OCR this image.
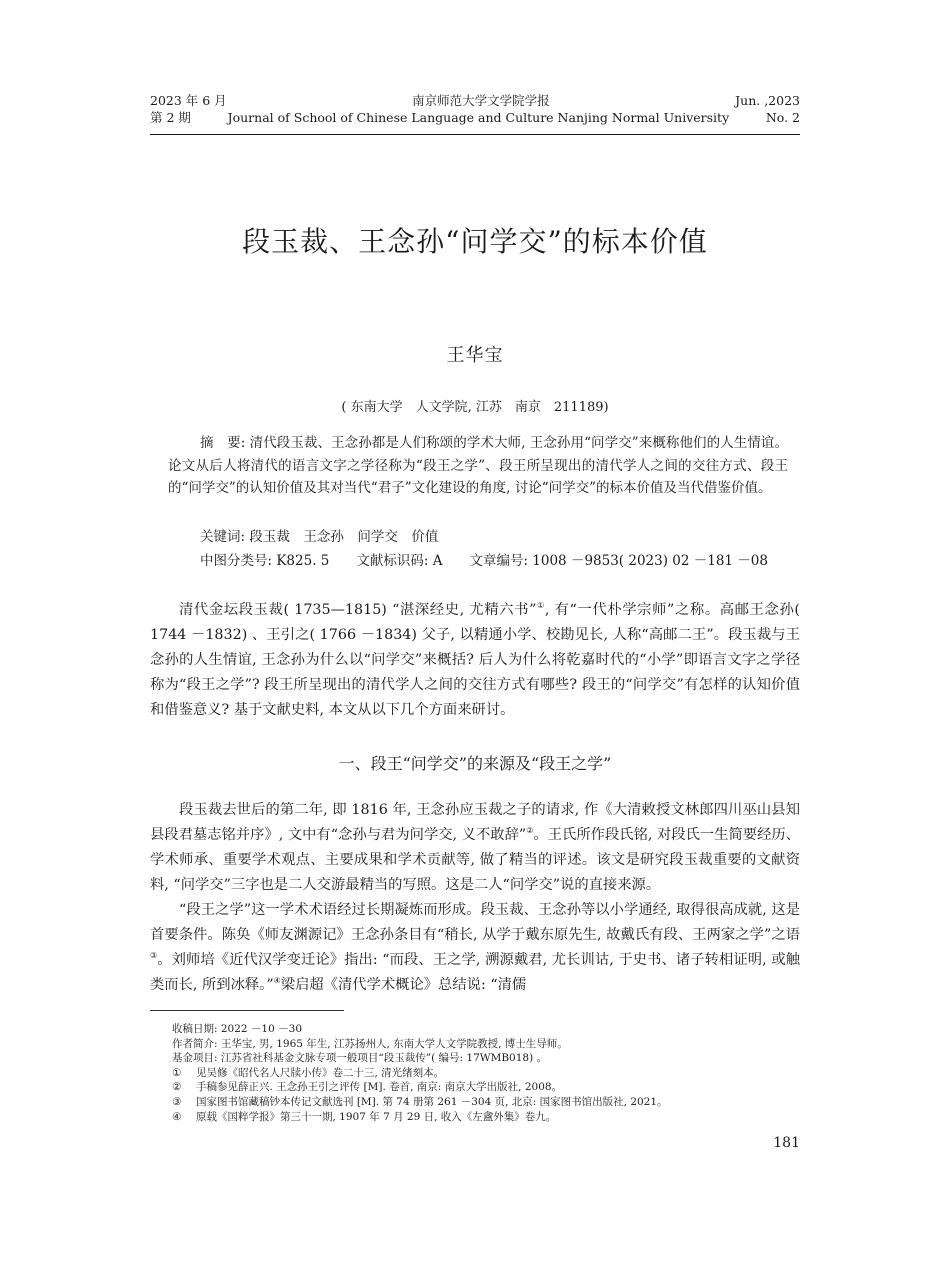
2023 年 6 月	南京师范大学文学院学报	Jun. ,2023
第 2 期	Journal of School of Chinese Language and Culture Nanjing Normal University	No. 2
段玉裁、王念孙“问学交”的标本价值
王华宝
( 东南大学　人文学院, 江苏　南京　211189)

摘　要: 清代段玉裁、王念孙都是人们称颂的学术大师, 王念孙用“问学交”来概称他们的人生情谊。论文从后人将清代的语言文字之学径称为“段王之学”、段王所呈现出的清代学人之间的交往方式、段王的“问学交”的认知价值及其对当代“君子”文化建设的角度, 讨论“问学交”的标本价值及当代借鉴价值。

关键词: 段玉裁　王念孙　问学交　价值
中图分类号: K825. 5　　文献标识码: A　　文章编号: 1008 －9853( 2023) 02 －181 －08

清代金坛段玉裁( 1735—1815) “湛深经史, 尤精六书”①, 有“一代朴学宗师”之称。高邮王念孙( 1744 －1832) 、王引之( 1766 －1834) 父子, 以精通小学、校勘见长, 人称“高邮二王”。段玉裁与王念孙的人生情谊, 王念孙为什么以“问学交”来概括? 后人为什么将乾嘉时代的“小学”即语言文字之学径称为“段王之学”? 段王所呈现出的清代学人之间的交往方式有哪些? 段王的“问学交”有怎样的认知价值和借鉴意义? 基于文献史料, 本文从以下几个方面来研讨。

一、段王“问学交”的来源及“段王之学”

段玉裁去世后的第二年, 即 1816 年, 王念孙应玉裁之子的请求, 作《大清敕授文林郎四川巫山县知县段君墓志铭并序》, 文中有“念孙与君为问学交, 义不敢辞”②。王氏所作段氏铭, 对段氏一生简要经历、学术师承、重要学术观点、主要成果和学术贡献等, 做了精当的评述。该文是研究段玉裁重要的文献资料, “问学交”三字也是二人交游最精当的写照。这是二人“问学交”说的直接来源。

“段王之学”这一学术术语经过长期凝炼而形成。段玉裁、王念孙等以小学通经, 取得很高成就, 这是首要条件。陈奂《师友渊源记》王念孙条目有“稍长, 从学于戴东原先生, 故戴氏有段、王两家之学”之语③。刘师培《近代汉学变迁论》指出: “而段、王之学, 溯源戴君, 尤长训诂, 于史书、诸子转相证明, 或触类而长, 所到冰释。”④梁启超《清代学术概论》总结说: “清儒

收稿日期: 2022 －10 －30
作者简介: 王华宝, 男, 1965 年生, 江苏扬州人, 东南大学人文学院教授, 博士生导师。
基金项目: 江苏省社科基金文脉专项一般项目“段玉裁传”( 编号: 17WMB018) 。
① 见吴修《昭代名人尺牍小传》卷二十三, 清光绪刻本。
② 手稿参见薛正兴. 王念孙王引之评传 [M]. 卷首, 南京: 南京大学出版社, 2008。
③ 国家图书馆藏稿钞本传记文献选刊 [M]. 第 74 册第 261 －304 页, 北京: 国家图书馆出版社, 2021。
④ 原载《国粹学报》第三十一期, 1907 年 7 月 29 日, 收入《左盦外集》卷九。
181
